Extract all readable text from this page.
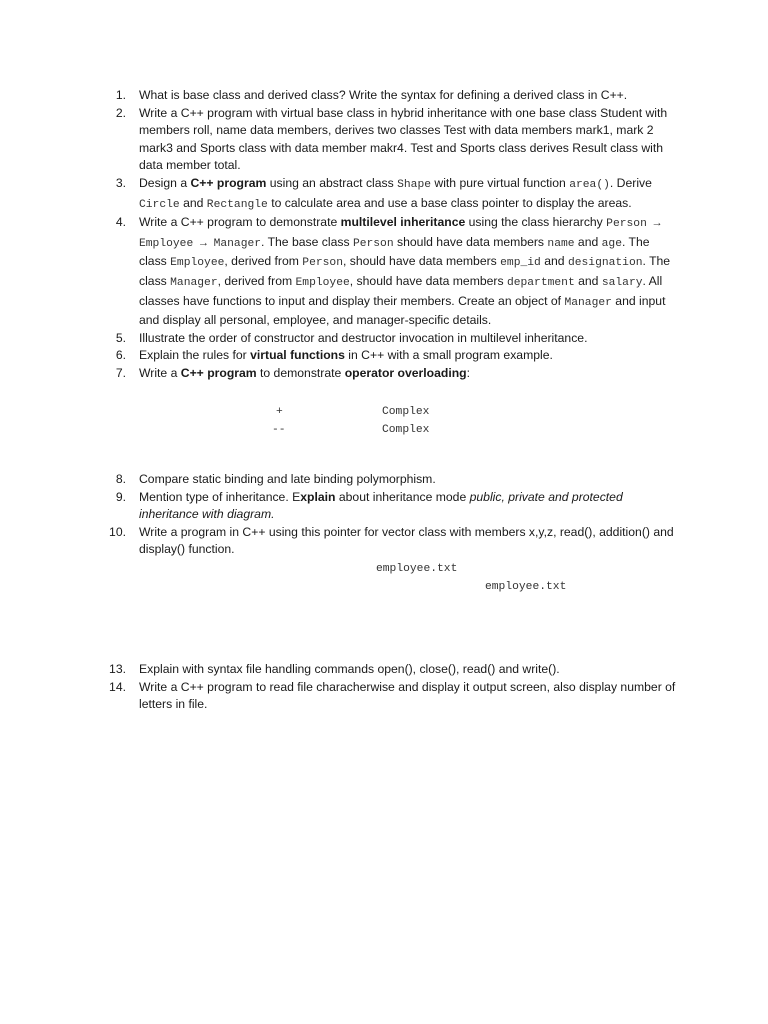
1.	What is base class and derived class? Write the syntax for defining a derived class in C++.
2.	Write a C++ program with virtual base class in hybrid inheritance with one base class Student with members roll, name data members, derives two classes Test with data members mark1, mark 2 mark3 and Sports class with data member makr4. Test and Sports class derives Result class with data member total.
3.	Design a C++ program using an abstract class Shape with pure virtual function area(). Derive Circle and Rectangle to calculate area and use a base class pointer to display the areas.
4.	Write a C++ program to demonstrate multilevel inheritance using the class hierarchy Person → Employee → Manager. The base class Person should have data members name and age. The class Employee, derived from Person, should have data members emp_id and designation. The class Manager, derived from Employee, should have data members department and salary. All classes have functions to input and display their members. Create an object of Manager and input and display all personal, employee, and manager-specific details.
5.	Illustrate the order of constructor and destructor invocation in multilevel inheritance.
6.	Explain the rules for virtual functions in C++ with a small program example.
7.	Write a C++ program to demonstrate operator overloading:
+	Complex
--	Complex
8.	Compare static binding and late binding polymorphism.
9.	Mention type of inheritance. Explain about inheritance mode public, private and protected inheritance with diagram.
10.	Write a program in C++ using this pointer for vector class with members x,y,z, read(), addition() and display() function.
employee.txt
employee.txt
13.	Explain with syntax file handling commands open(), close(), read() and write().
14.	Write a C++ program to read file characherwise and display it output screen, also display number of letters in file.
